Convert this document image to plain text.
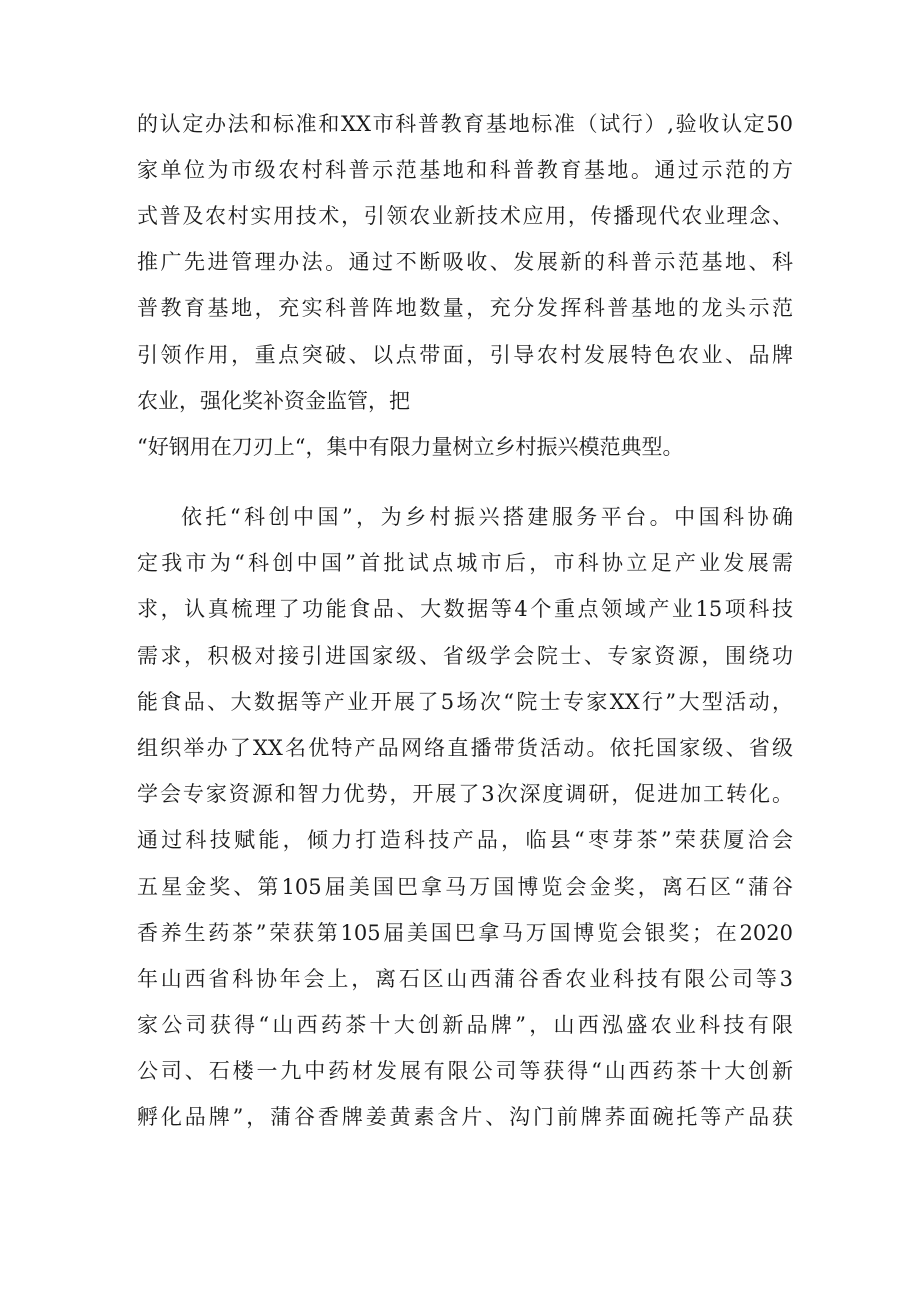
的认定办法和标准和XX市科普教育基地标准（试行）,验收认定50
家单位为市级农村科普示范基地和科普教育基地。通过示范的方
式普及农村实用技术，引领农业新技术应用，传播现代农业理念、
推广先进管理办法。通过不断吸收、发展新的科普示范基地、科
普教育基地，充实科普阵地数量，充分发挥科普基地的龙头示范
引领作用，重点突破、以点带面，引导农村发展特色农业、品牌
农业，强化奖补资金监管，把
“好钢用在刀刃上“，集中有限力量树立乡村振兴模范典型。
依托“科创中国”，为乡村振兴搭建服务平台。中国科协确
定我市为“科创中国”首批试点城市后，市科协立足产业发展需
求，认真梳理了功能食品、大数据等4个重点领域产业15项科技
需求，积极对接引进国家级、省级学会院士、专家资源，围绕功
能食品、大数据等产业开展了5场次“院士专家XX行”大型活动，
组织举办了XX名优特产品网络直播带货活动。依托国家级、省级
学会专家资源和智力优势，开展了3次深度调研，促进加工转化。
通过科技赋能，倾力打造科技产品，临县“枣芽茶”荣获厦洽会
五星金奖、第105届美国巴拿马万国博览会金奖，离石区“蒲谷
香养生药茶”荣获第105届美国巴拿马万国博览会银奖；在2020
年山西省科协年会上，离石区山西蒲谷香农业科技有限公司等3
家公司获得“山西药茶十大创新品牌”，山西泓盛农业科技有限
公司、石楼一九中药材发展有限公司等获得“山西药茶十大创新
孵化品牌”，蒲谷香牌姜黄素含片、沟门前牌荞面碗托等产品获
